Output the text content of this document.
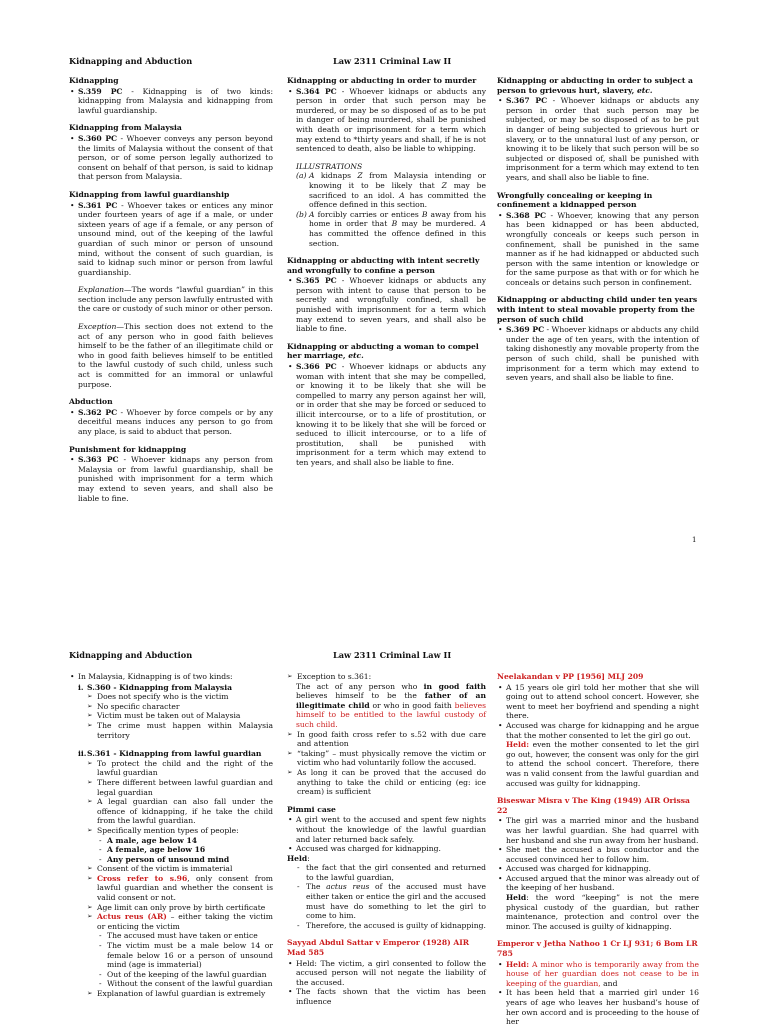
Kidnapping and Abduction	Law 2311 Criminal Law II
Kidnapping
• S.359 PC - Kidnapping is of two kinds: kidnapping from Malaysia and kidnapping from lawful guardianship.
Kidnapping from Malaysia
• S.360 PC - Whoever conveys any person beyond the limits of Malaysia without the consent of that person, or of some person legally authorized to consent on behalf of that person, is said to kidnap that person from Malaysia.
Kidnapping from lawful guardianship
• S.361 PC - Whoever takes or entices any minor under fourteen years of age if a male, or under sixteen years of age if a female, or any person of unsound mind, out of the keeping of the lawful guardian of such minor or person of unsound mind, without the consent of such guardian, is said to kidnap such minor or person from lawful guardianship.

Explanation—The words “lawful guardian” in this section include any person lawfully entrusted with the care or custody of such minor or other person.

Exception—This section does not extend to the act of any person who in good faith believes himself to be the father of an illegitimate child or who in good faith believes himself to be entitled to the lawful custody of such child, unless such act is committed for an immoral or unlawful purpose.

Abduction
• S.362 PC - Whoever by force compels or by any deceitful means induces any person to go from any place, is said to abduct that person.
Punishment for kidnapping
• S.363 PC - Whoever kidnaps any person from Malaysia or from lawful guardianship, shall be punished with imprisonment for a term which may extend to seven years, and shall also be liable to fine.
Kidnapping or abducting in order to murder
• S.364 PC - Whoever kidnaps or abducts any person in order that such person may be murdered, or may be so disposed of as to be put in danger of being murdered, shall be punished with death or imprisonment for a term which may extend to *thirty years and shall, if he is not sentenced to death, also be liable to whipping.

ILLUSTRATIONS

(a) A kidnaps Z from Malaysia intending or knowing it to be likely that Z may be sacrificed to an idol. A has committed the offence defined in this section.
(b) A forcibly carries or entices B away from his home in order that B may be murdered. A has committed the offence defined in this section.
Kidnapping or abducting with intent secretly and wrongfully to confine a person
• S.365 PC - Whoever kidnaps or abducts any person with intent to cause that person to be secretly and wrongfully confined, shall be punished with imprisonment for a term which may extend to seven years, and shall also be liable to fine.
Kidnapping or abducting a woman to compel her marriage, etc.
• S.366 PC - Whoever kidnaps or abducts any woman with intent that she may be compelled, or knowing it to be likely that she will be compelled to marry any person against her will, or in order that she may be forced or seduced to illicit intercourse, or to a life of prostitution, or knowing it to be likely that she will be forced or seduced to illicit intercourse, or to a life of prostitution, shall be punished with imprisonment for a term which may extend to ten years, and shall also be liable to fine.
Kidnapping or abducting in order to subject a person to grievous hurt, slavery, etc.
• S.367 PC - Whoever kidnaps or abducts any person in order that such person may be subjected, or may be so disposed of as to be put in danger of being subjected to grievous hurt or slavery, or to the unnatural lust of any person, or knowing it to be likely that such person will be so subjected or disposed of, shall be punished with imprisonment for a term which may extend to ten years, and shall also be liable to fine.
Wrongfully concealing or keeping in confinement a kidnapped person
• S.368 PC - Whoever, knowing that any person has been kidnapped or has been abducted, wrongfully conceals or keeps such person in confinement, shall be punished in the same manner as if he had kidnapped or abducted such person with the same intention or knowledge or for the same purpose as that with or for which he conceals or detains such person in confinement.
Kidnapping or abducting child under ten years with intent to steal movable property from the person of such child
• S.369 PC - Whoever kidnaps or abducts any child under the age of ten years, with the intention of taking dishonestly any movable property from the person of such child, shall be punished with imprisonment for a term which may extend to seven years, and shall also be liable to fine.
1
Kidnapping and Abduction	Law 2311 Criminal Law II
• In Malaysia, Kidnapping is of two kinds:
i. S.360 - Kidnapping from Malaysia
➢ Does not specify who is the victim
➢ No specific character
➢ Victim must be taken out of Malaysia
➢ The crime must happen within Malaysia territory
ii. S.361 - Kidnapping from lawful guardian
➢ To protect the child and the right of the lawful guardian
➢ There different between lawful guardian and legal guardian
➢ A legal guardian can also fall under the offence of kidnapping, if he take the child from the lawful guardian.
➢ Specifically mention types of people:
- A male, age below 14
- A female, age below 16
- Any person of unsound mind
➢ Consent of the victim is immaterial
➢ Cross refer to s.96, only consent from lawful guardian and whether the consent is valid consent or not.
➢ Age limit can only prove by birth certificate
➢ Actus reus (AR) – either taking the victim or enticing the victim
- The accused must have taken or entice
- The victim must be a male below 14 or female below 16 or a person of unsound mind (age is immaterial)
- Out of the keeping of the lawful guardian
- Without the consent of the lawful guardian
➢ Explanation of lawful guardian is extremely
➢ Exception to s.361:

The act of any person who in good faith believes himself to be the father of an illegitimate child or who in good faith believes himself to be entitled to the lawful custody of such child.

➢ In good faith cross refer to s.52 with due care and attention
➢ “taking” – must physically remove the victim or victim who had voluntarily follow the accused.
➢ As long it can be proved that the accused do anything to take the child or enticing (eg: ice cream) is sufficient
Pimmi case
• A girl went to the accused and spent few nights without the knowledge of the lawful guardian and later returned back safely.
• Accused was charged for kidnapping.
Held:
- the fact that the girl consented and returned to the lawful guardian,
- The actus reus of the accused must have either taken or entice the girl and the accused must have do something to let the girl to come to him.
- Therefore, the accused is guilty of kidnapping.
Sayyad Abdul Sattar v Emperor (1928) AIR Mad 585
• Held: The victim, a girl consented to follow the accused person will not negate the liability of the accused.
• The facts shown that the victim has been influence
Neelakandan v PP [1956] MLJ 209
• A 15 years ole girl told her mother that she will going out to attend school concert. However, she went to meet her boyfriend and spending a night there.
• Accused was charge for kidnapping and he argue that the mother consented to let the girl go out.

Held: even the mother consented to let the girl go out, however, the consent was only for the girl to attend the school concert. Therefore, there was n valid consent from the lawful guardian and accused was guilty for kidnapping.

Biseswar Misra v The King (1949) AIR Orissa 22
• The girl was a married minor and the husband was her lawful guardian. She had quarrel with her husband and she run away from her husband.
• She met the accused a bus conductor and the accused convinced her to follow him.
• Accused was charged for kidnapping.
• Accused argued that the minor was already out of the keeping of her husband.

Held: the word “keeping” is not the mere physical custody of the guardian, but rather maintenance, protection and control over the minor. The accused is guilty of kidnapping.

Emperor v Jetha Nathoo 1 Cr LJ 931; 6 Bom LR 785
• Held: A minor who is temporarily away from the house of her guardian does not cease to be in keeping of the guardian, and
• It has been held that a married girl under 16 years of age who leaves her husband’s house of her own accord and is proceeding to the house of her
